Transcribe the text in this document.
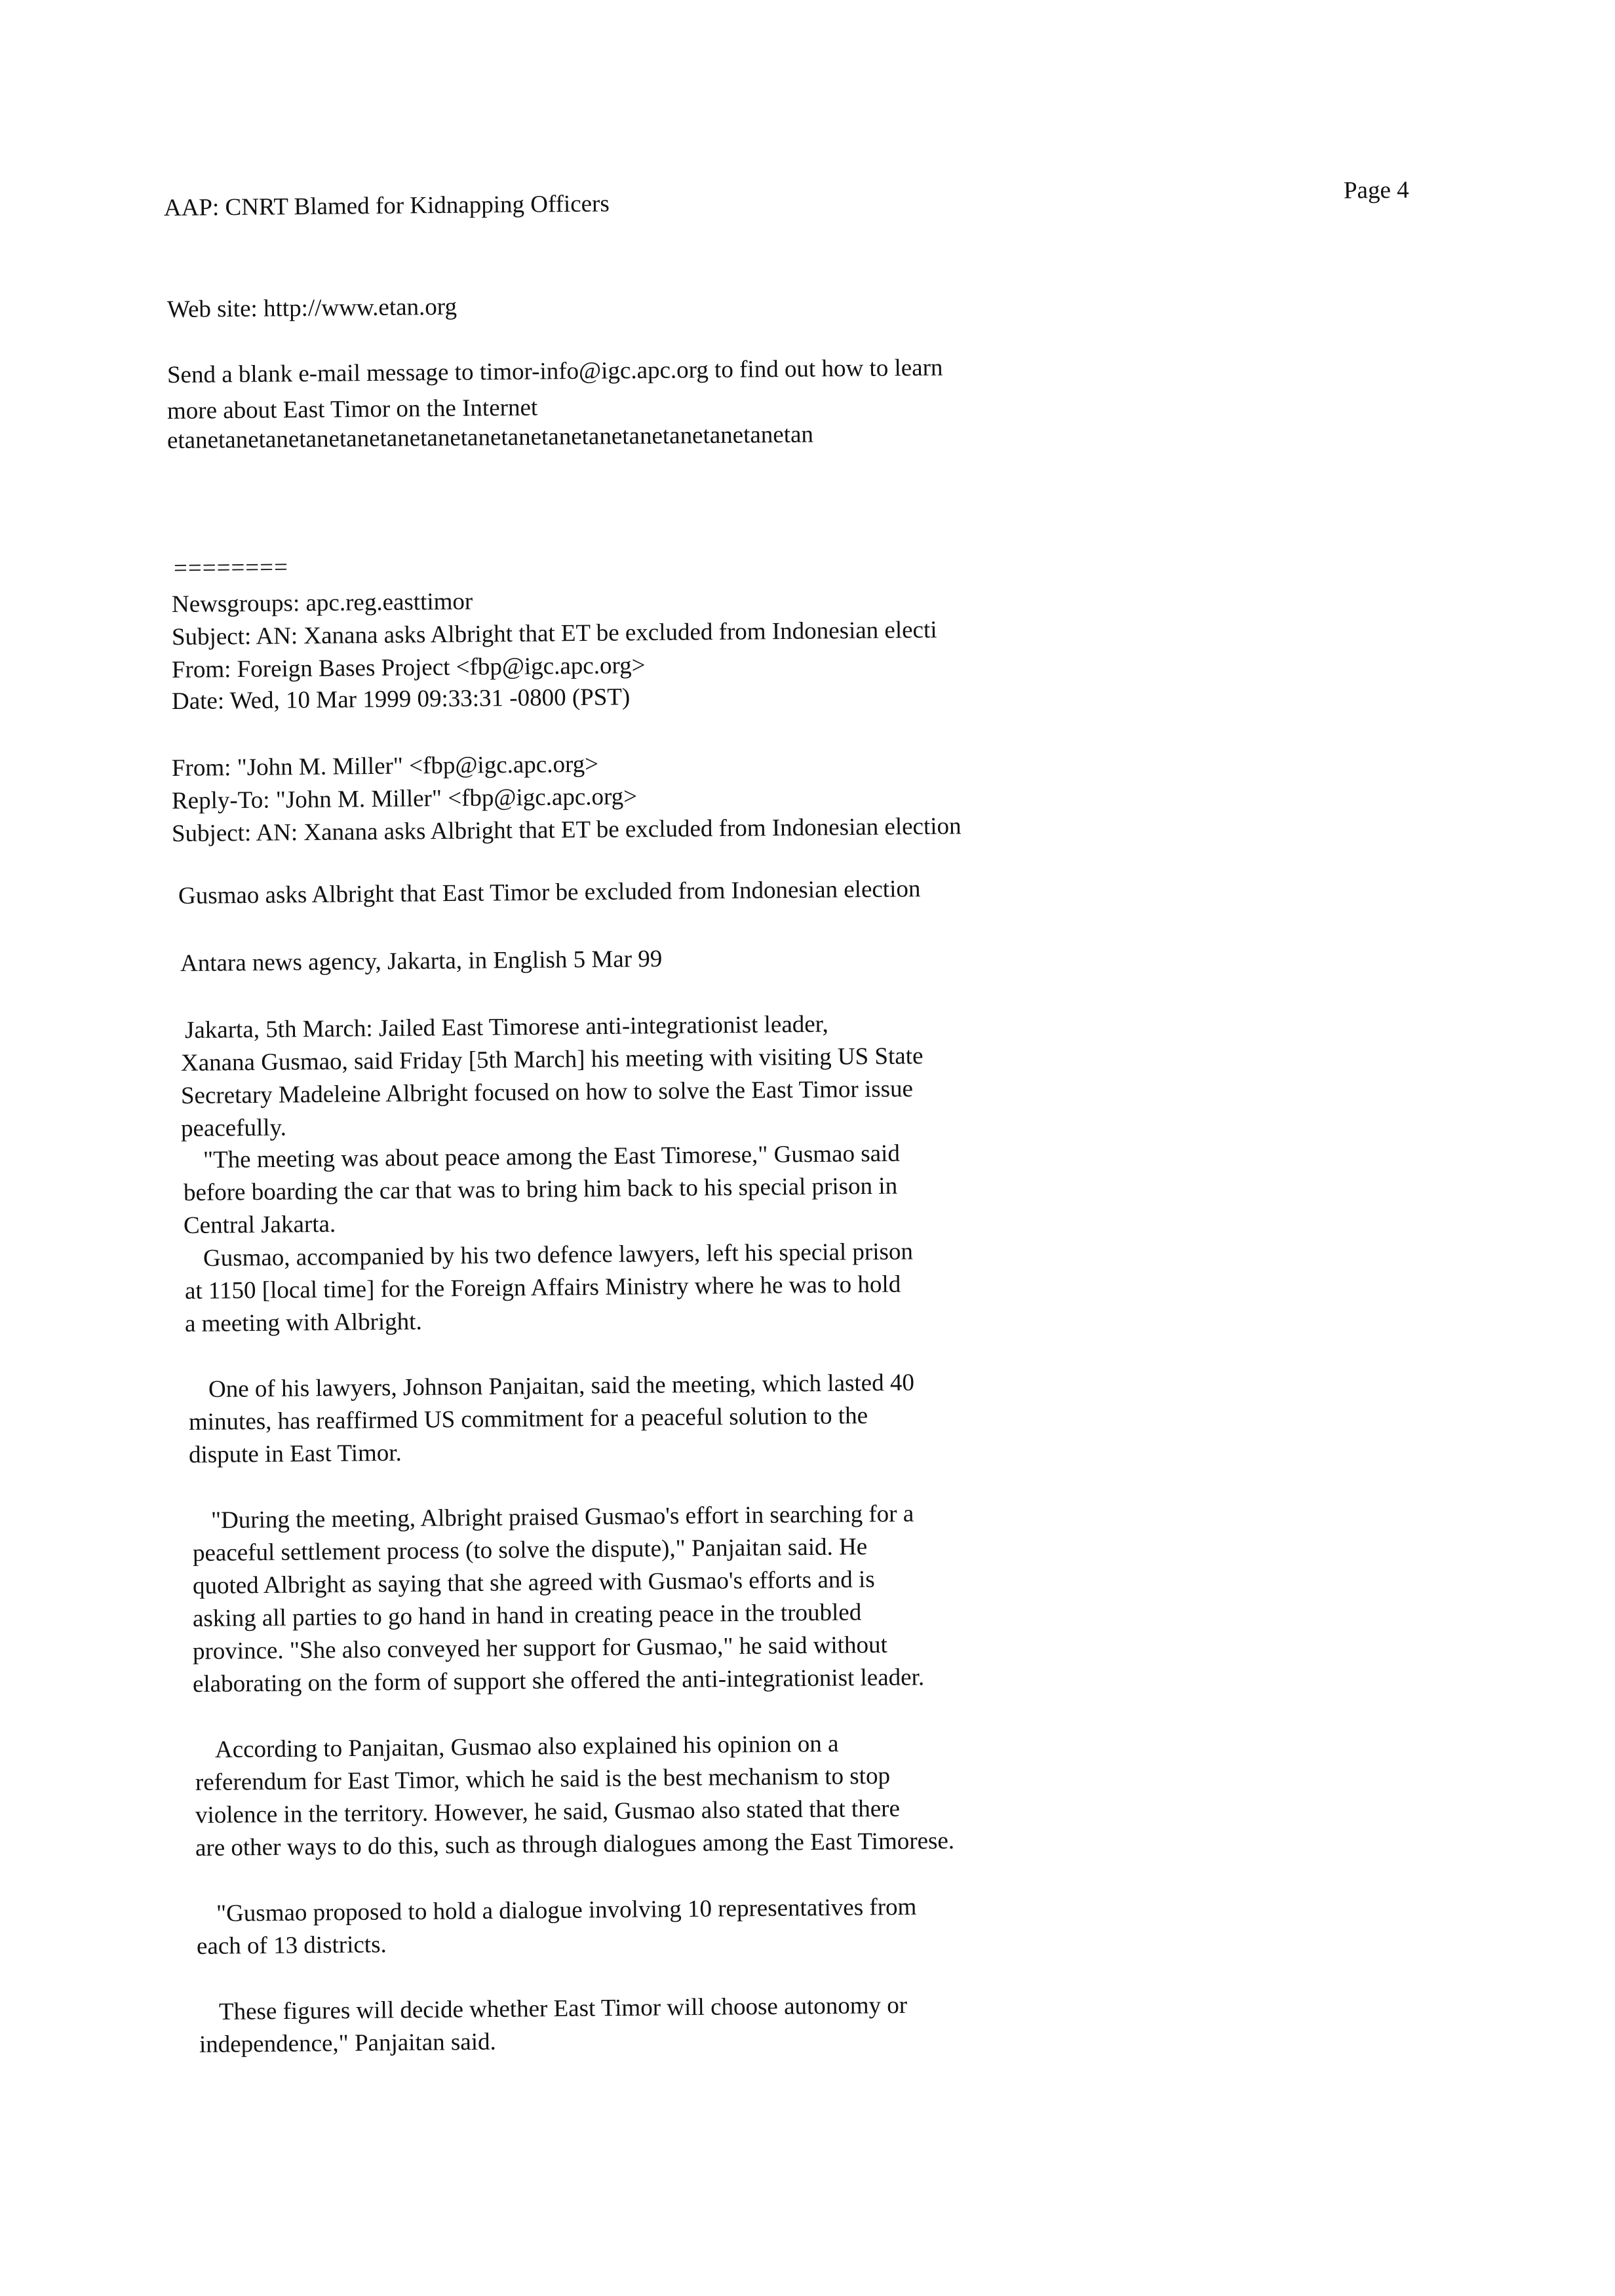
Page 4
AAP: CNRT Blamed for Kidnapping Officers
Web site: http://www.etan.org
Send a blank e-mail message to timor-info@igc.apc.org to find out how to learn
more about East Timor on the Internet
etanetanetanetanetanetanetanetanetanetanetanetanetanetanetanetan
========
Newsgroups: apc.reg.easttimor
Subject: AN: Xanana asks Albright that ET be excluded from Indonesian electi
From: Foreign Bases Project <fbp@igc.apc.org>
Date: Wed, 10 Mar 1999 09:33:31 -0800 (PST)
From: "John M. Miller" <fbp@igc.apc.org>
Reply-To: "John M. Miller" <fbp@igc.apc.org>
Subject: AN: Xanana asks Albright that ET be excluded from Indonesian election
Gusmao asks Albright that East Timor be excluded from Indonesian election
Antara news agency, Jakarta, in English 5 Mar 99
Jakarta, 5th March: Jailed East Timorese anti-integrationist leader,
Xanana Gusmao, said Friday [5th March] his meeting with visiting US State
Secretary Madeleine Albright focused on how to solve the East Timor issue
peacefully.
"The meeting was about peace among the East Timorese," Gusmao said
before boarding the car that was to bring him back to his special prison in
Central Jakarta.
Gusmao, accompanied by his two defence lawyers, left his special prison
at 1150 [local time] for the Foreign Affairs Ministry where he was to hold
a meeting with Albright.
One of his lawyers, Johnson Panjaitan, said the meeting, which lasted 40
minutes, has reaffirmed US commitment for a peaceful solution to the
dispute in East Timor.
"During the meeting, Albright praised Gusmao's effort in searching for a
peaceful settlement process (to solve the dispute)," Panjaitan said. He
quoted Albright as saying that she agreed with Gusmao's efforts and is
asking all parties to go hand in hand in creating peace in the troubled
province. "She also conveyed her support for Gusmao," he said without
elaborating on the form of support she offered the anti-integrationist leader.
According to Panjaitan, Gusmao also explained his opinion on a
referendum for East Timor, which he said is the best mechanism to stop
violence in the territory. However, he said, Gusmao also stated that there
are other ways to do this, such as through dialogues among the East Timorese.
"Gusmao proposed to hold a dialogue involving 10 representatives from
each of 13 districts.
These figures will decide whether East Timor will choose autonomy or
independence," Panjaitan said.
